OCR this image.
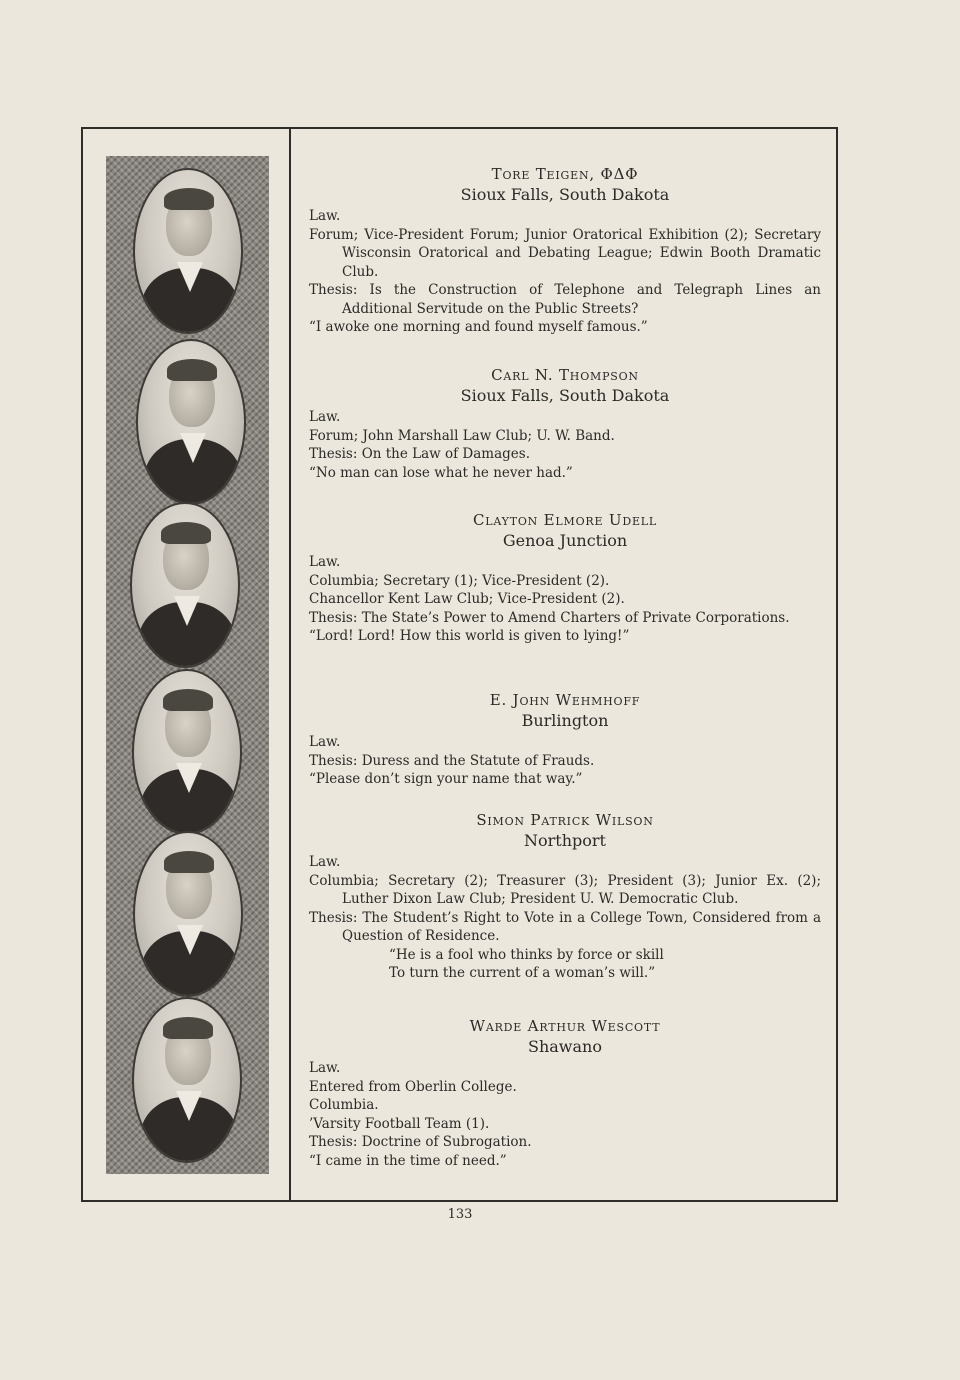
Tore Teigen, ΦΔΦ
Sioux Falls, South Dakota

Law.

Forum; Vice-President Forum; Junior Oratorical Exhibition (2); Secretary Wisconsin Oratorical and Debating League; Edwin Booth Dramatic Club.

Thesis: Is the Construction of Telephone and Telegraph Lines an Additional Servitude on the Public Streets?

“I awoke one morning and found myself famous.”

Carl N. Thompson
Sioux Falls, South Dakota

Law.

Forum; John Marshall Law Club; U. W. Band.

Thesis: On the Law of Damages.

“No man can lose what he never had.”

Clayton Elmore Udell
Genoa Junction

Law.

Columbia; Secretary (1); Vice-President (2).

Chancellor Kent Law Club; Vice-President (2).

Thesis: The State’s Power to Amend Charters of Private Corporations.

“Lord! Lord! How this world is given to lying!”

E. John Wehmhoff
Burlington

Law.

Thesis: Duress and the Statute of Frauds.

“Please don’t sign your name that way.”

Simon Patrick Wilson
Northport

Law.

Columbia; Secretary (2); Treasurer (3); President (3); Junior Ex. (2); Luther Dixon Law Club; President U. W. Democratic Club.

Thesis: The Student’s Right to Vote in a College Town, Considered from a Question of Residence.

“He is a fool who thinks by force or skill

To turn the current of a woman’s will.”

Warde Arthur Wescott
Shawano

Law.

Entered from Oberlin College.

Columbia.

’Varsity Football Team (1).

Thesis: Doctrine of Subrogation.

“I came in the time of need.”

133
